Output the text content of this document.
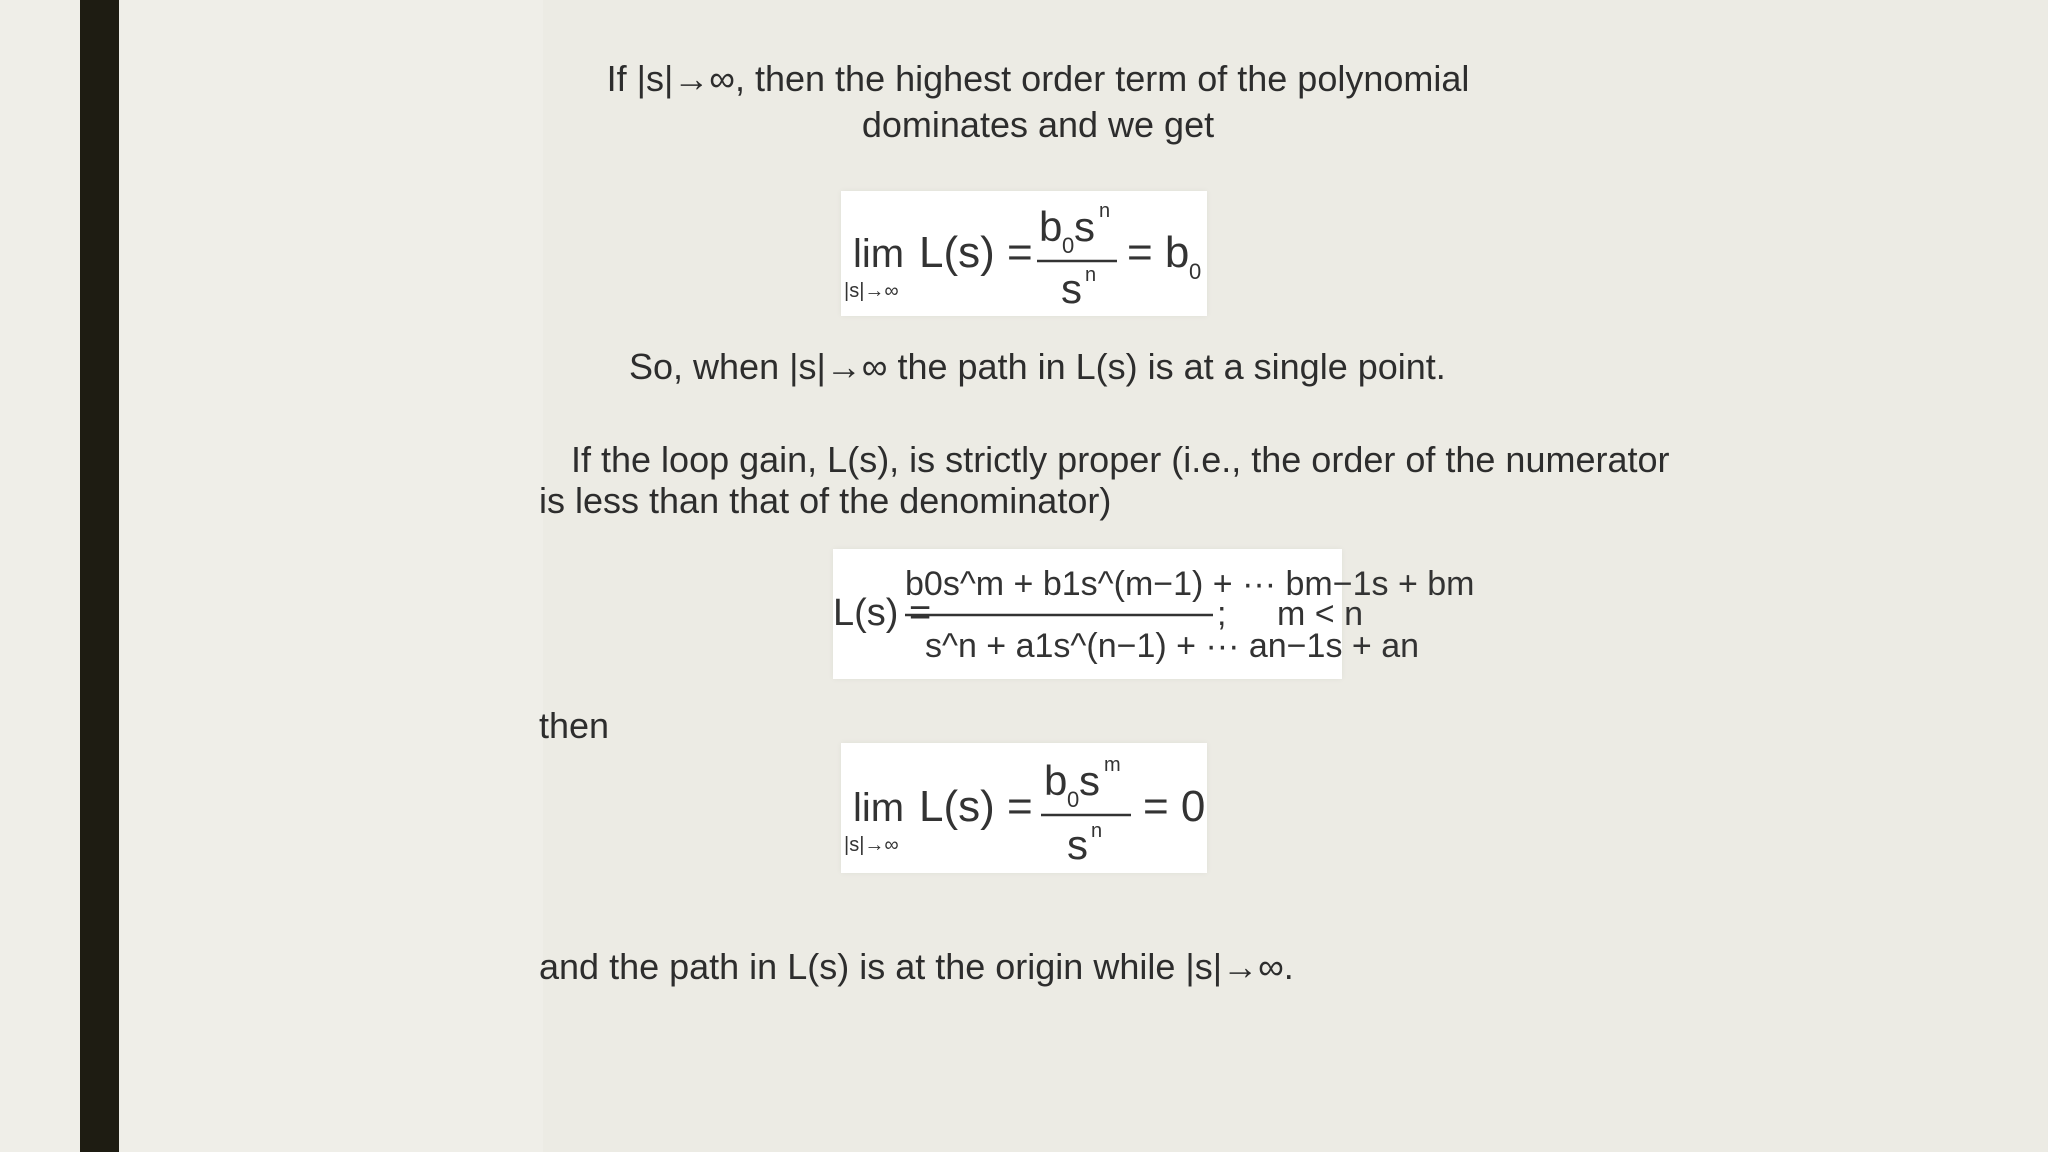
If |s|→∞, then the highest order term of the polynomial
dominates and we get
lim
|s|→∞
L(s) =
b 0 s n
s n = b 0
So, when |s|→∞ the path in L(s) is at a single point.
If the loop gain, L(s), is strictly proper (i.e., the order of the numerator
is less than that of the denominator)
L(s) =
b0s^m + b1s^(m−1) + ··· bm−1s + bm
s^n + a1s^(n−1) + ··· an−1s + an
; m < n
then
lim
|s|→∞
L(s) =
b 0 s m
s n = 0
and the path in L(s) is at the origin while |s|→∞.
